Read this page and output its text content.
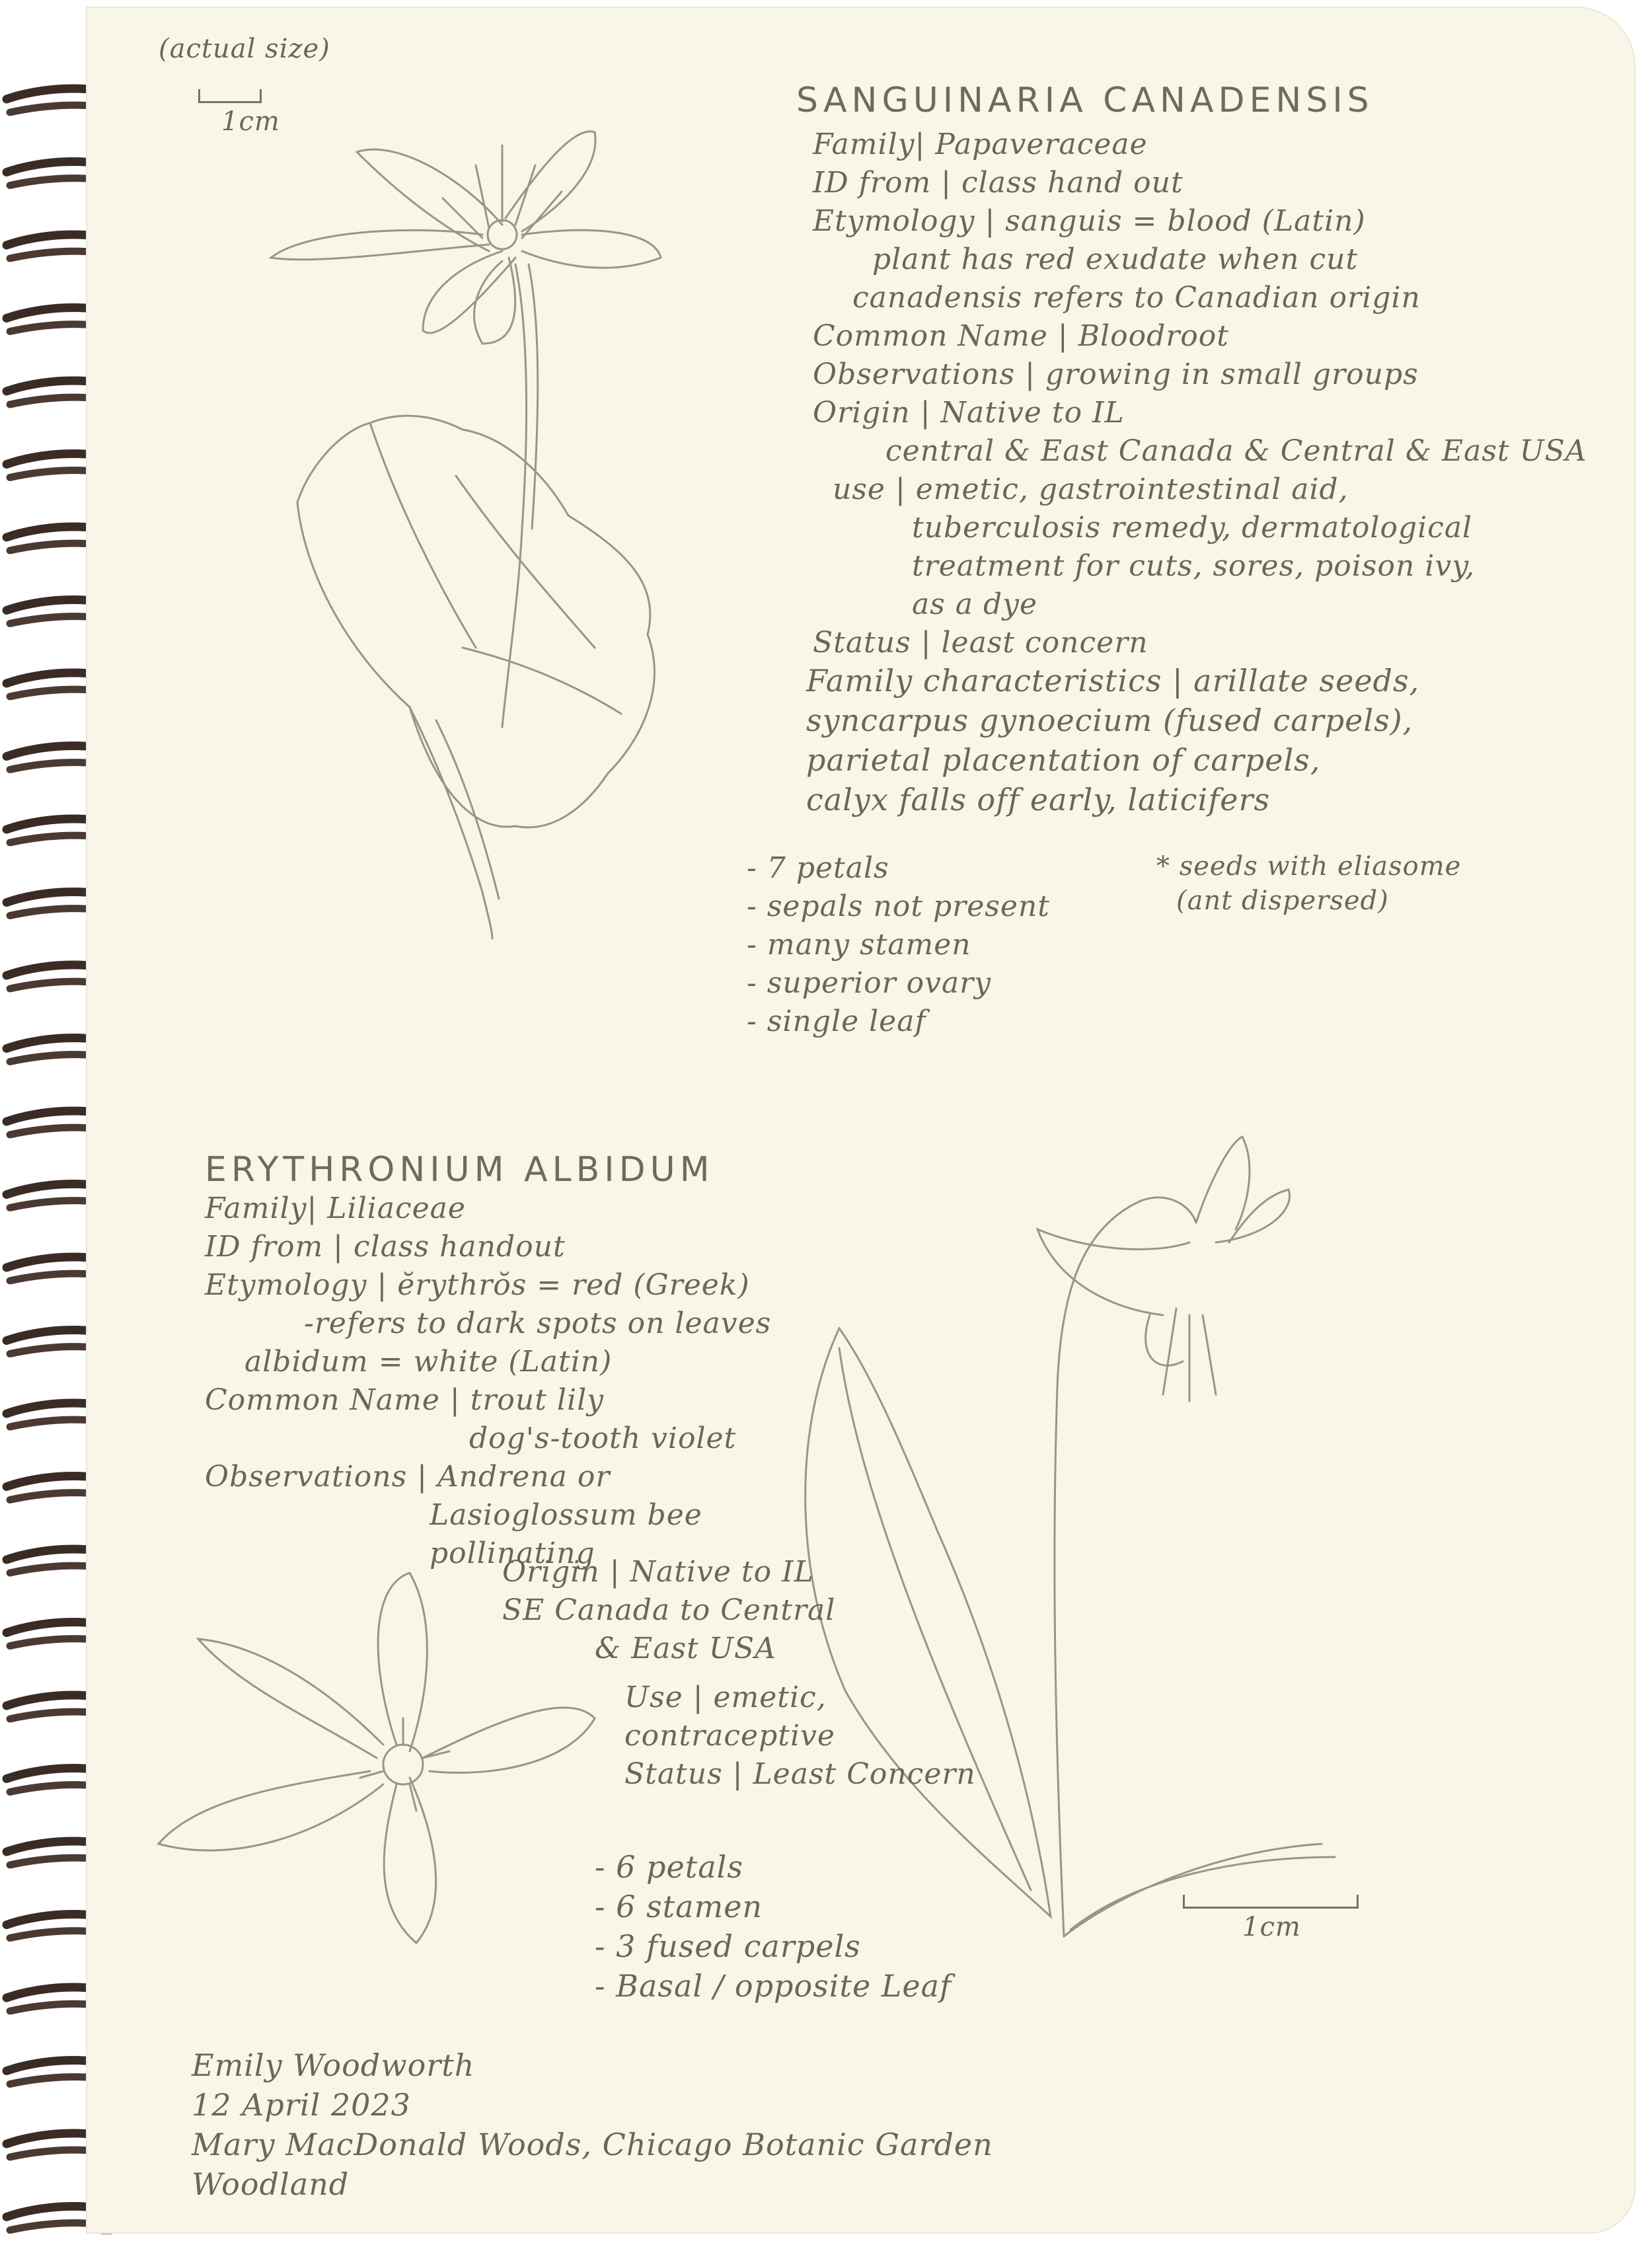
(actual size)
1cm
SANGUINARIA CANADENSIS
Family| Papaveraceae
ID from | class hand out
Etymology | sanguis = blood (Latin)
plant has red exudate when cut
canadensis refers to Canadian origin
Common Name | Bloodroot
Observations | growing in small groups
Origin | Native to IL
central & East Canada & Central & East USA
use | emetic, gastrointestinal aid,
tuberculosis remedy, dermatological
treatment for cuts, sores, poison ivy,
as a dye
Status | least concern
Family characteristics | arillate seeds,
syncarpus gynoecium (fused carpels),
parietal placentation of carpels,
calyx falls off early, laticifers
- 7 petals
- sepals not present
- many stamen
- superior ovary
- single leaf
* seeds with eliasome
(ant dispersed)
ERYTHRONIUM ALBIDUM
Family| Liliaceae
ID from | class handout
Etymology | ĕrythrŏs = red (Greek)
-refers to dark spots on leaves
albidum = white (Latin)
Common Name | trout lily
dog's-tooth violet
Observations | Andrena or
Lasioglossum bee
pollinating
Origin | Native to IL
SE Canada to Central
& East USA
Use | emetic,
contraceptive
Status | Least Concern
- 6 petals
- 6 stamen
- 3 fused carpels
- Basal / opposite Leaf
1cm
Emily Woodworth
12 April 2023
Mary MacDonald Woods, Chicago Botanic Garden
Woodland
